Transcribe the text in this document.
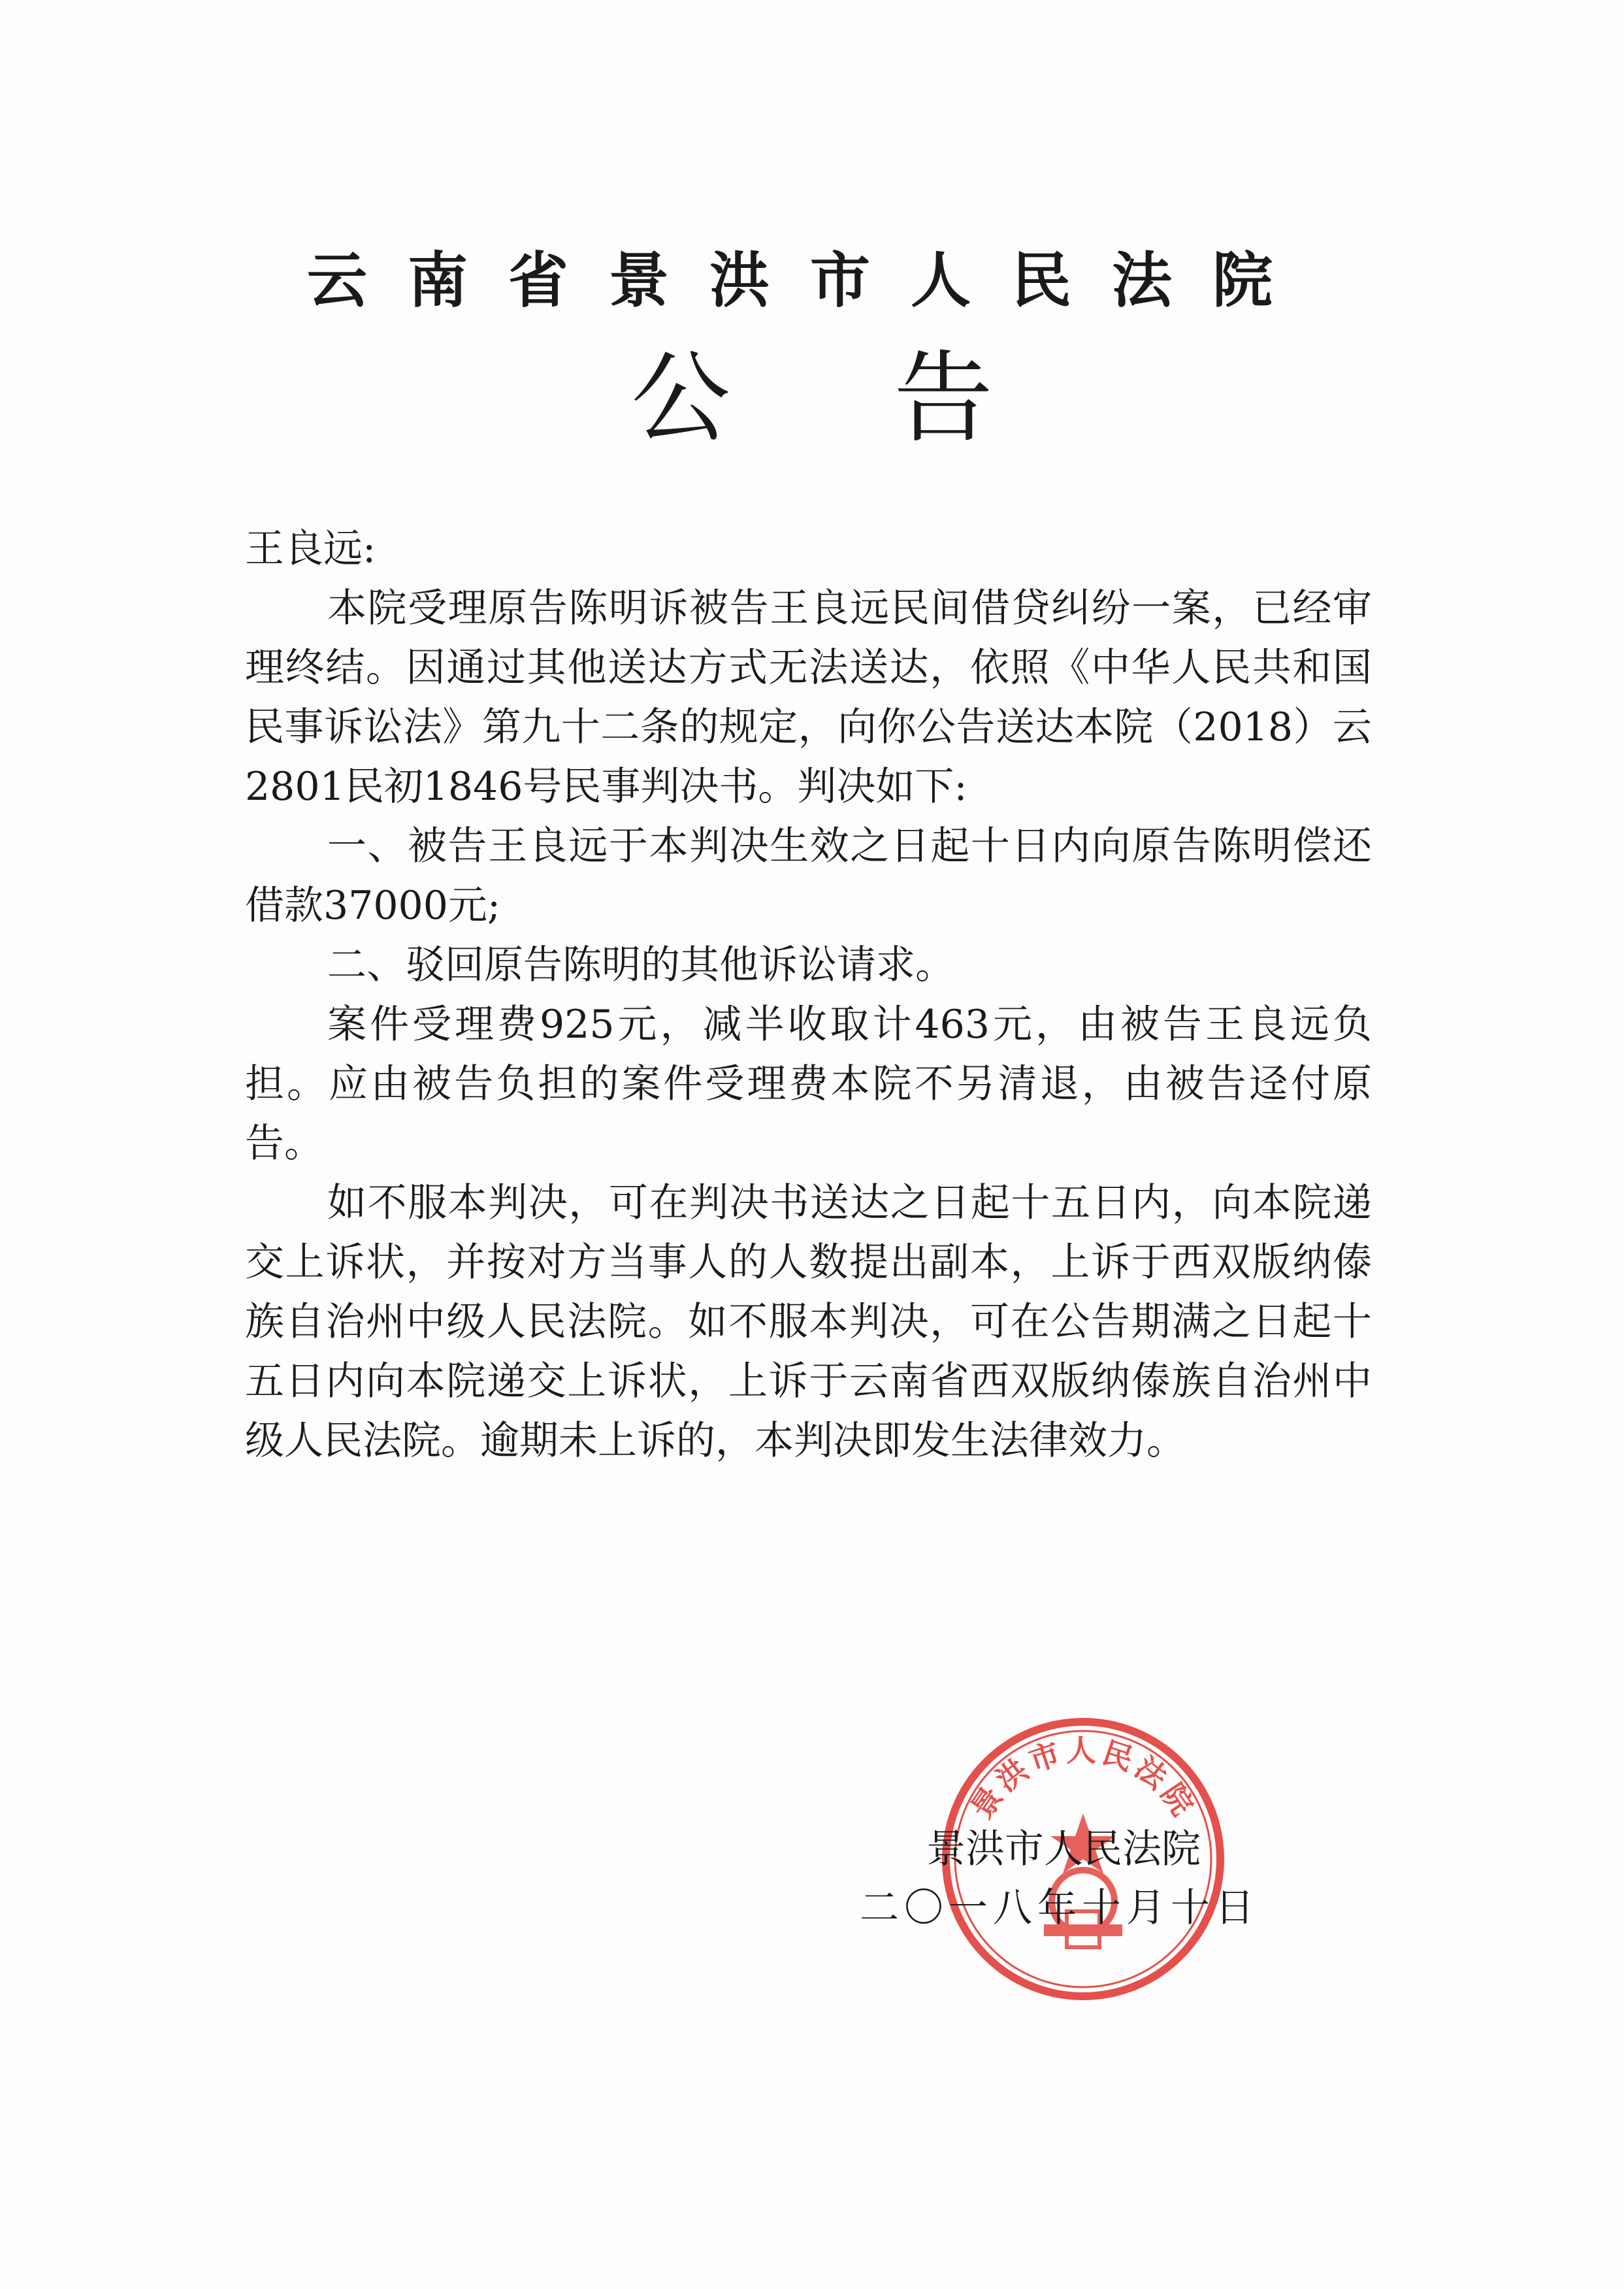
云南省景洪市人民法院
公告

王良远:

本院受理原告陈明诉被告王良远民间借贷纠纷一案，已经审理终结。因通过其他送达方式无法送达，依照《中华人民共和国民事诉讼法》第九十二条的规定，向你公告送达本院（2018）云2801民初1846号民事判决书。判决如下:

一、被告王良远于本判决生效之日起十日内向原告陈明偿还借款37000元;

二、驳回原告陈明的其他诉讼请求。

案件受理费925元，减半收取计463元，由被告王良远负担。应由被告负担的案件受理费本院不另清退，由被告迳付原告。

如不服本判决，可在判决书送达之日起十五日内，向本院递交上诉状，并按对方当事人的人数提出副本，上诉于西双版纳傣族自治州中级人民法院。如不服本判决，可在公告期满之日起十五日内向本院递交上诉状，上诉于云南省西双版纳傣族自治州中级人民法院。逾期未上诉的，本判决即发生法律效力。

景洪市人民法院
景洪市人民法院
二〇一八年十月十日
